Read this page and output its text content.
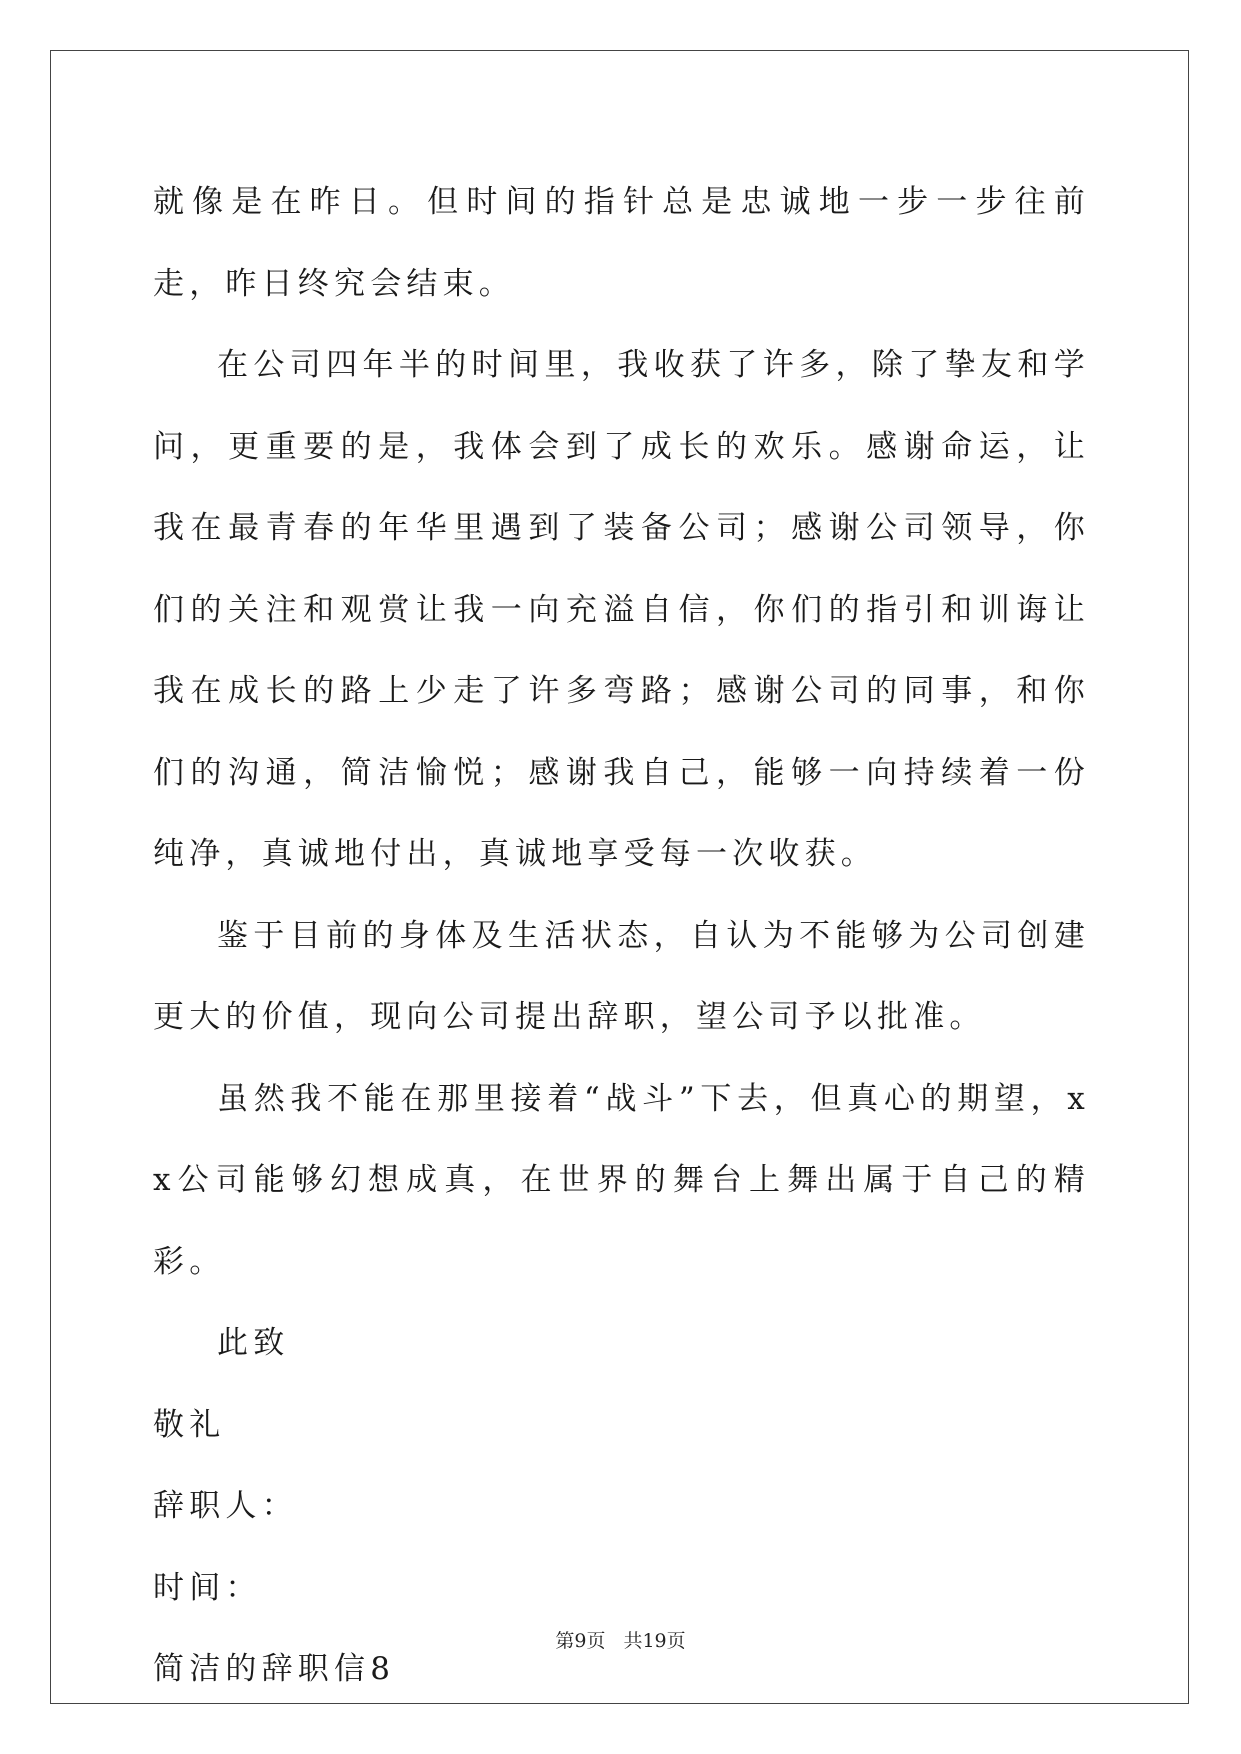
就像是在昨日。但时间的指针总是忠诚地一步一步往前走，昨日终究会结束。

在公司四年半的时间里，我收获了许多，除了挚友和学问，更重要的是，我体会到了成长的欢乐。感谢命运，让我在最青春的年华里遇到了装备公司；感谢公司领导，你们的关注和观赏让我一向充溢自信，你们的指引和训诲让我在成长的路上少走了许多弯路；感谢公司的同事，和你们的沟通，简洁愉悦；感谢我自己，能够一向持续着一份纯净，真诚地付出，真诚地享受每一次收获。

鉴于目前的身体及生活状态，自认为不能够为公司创建更大的价值，现向公司提出辞职，望公司予以批准。

虽然我不能在那里接着“战斗”下去，但真心的期望，xx公司能够幻想成真，在世界的舞台上舞出属于自己的精彩。

此致

敬礼

辞职人：

时间：

简洁的辞职信8

第9页 共19页
